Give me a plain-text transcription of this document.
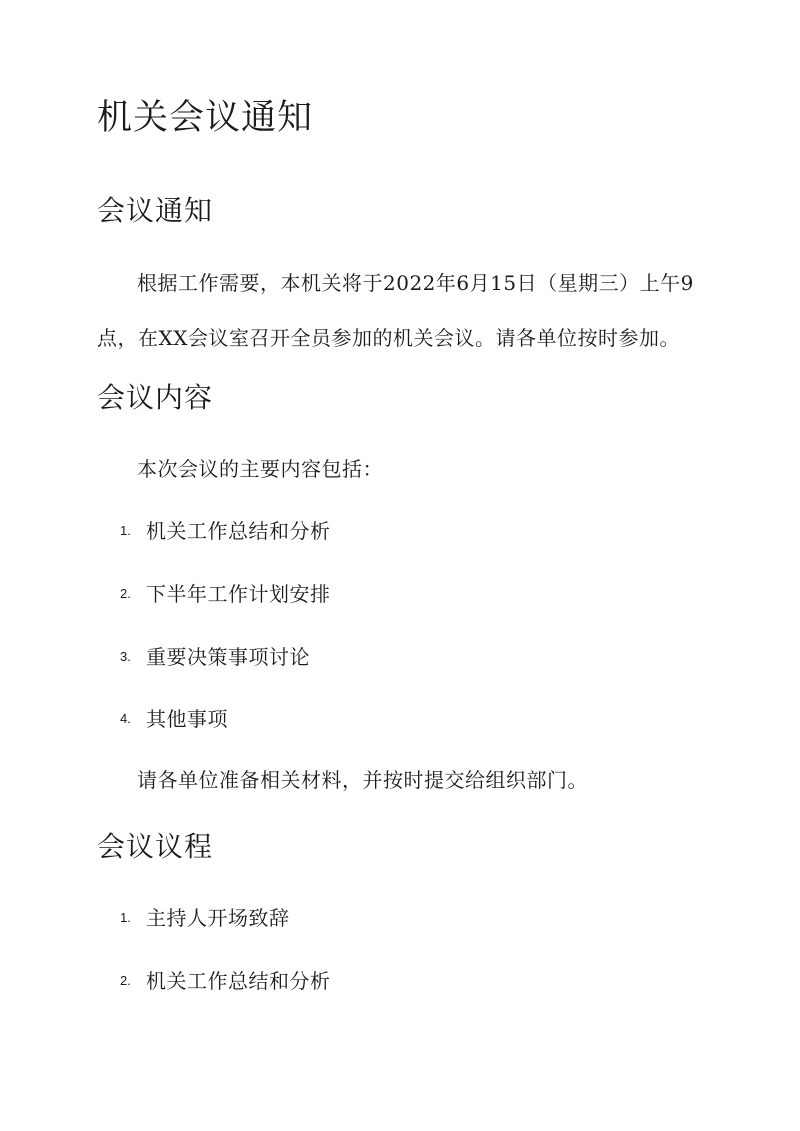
机关会议通知
会议通知

根据工作需要，本机关将于2022年6月15日（星期三）上午9点，在XX会议室召开全员参加的机关会议。请各单位按时参加。

会议内容

本次会议的主要内容包括：

1. 机关工作总结和分析
2. 下半年工作计划安排
3. 重要决策事项讨论
4. 其他事项

请各单位准备相关材料，并按时提交给组织部门。

会议议程
1. 主持人开场致辞
2. 机关工作总结和分析
